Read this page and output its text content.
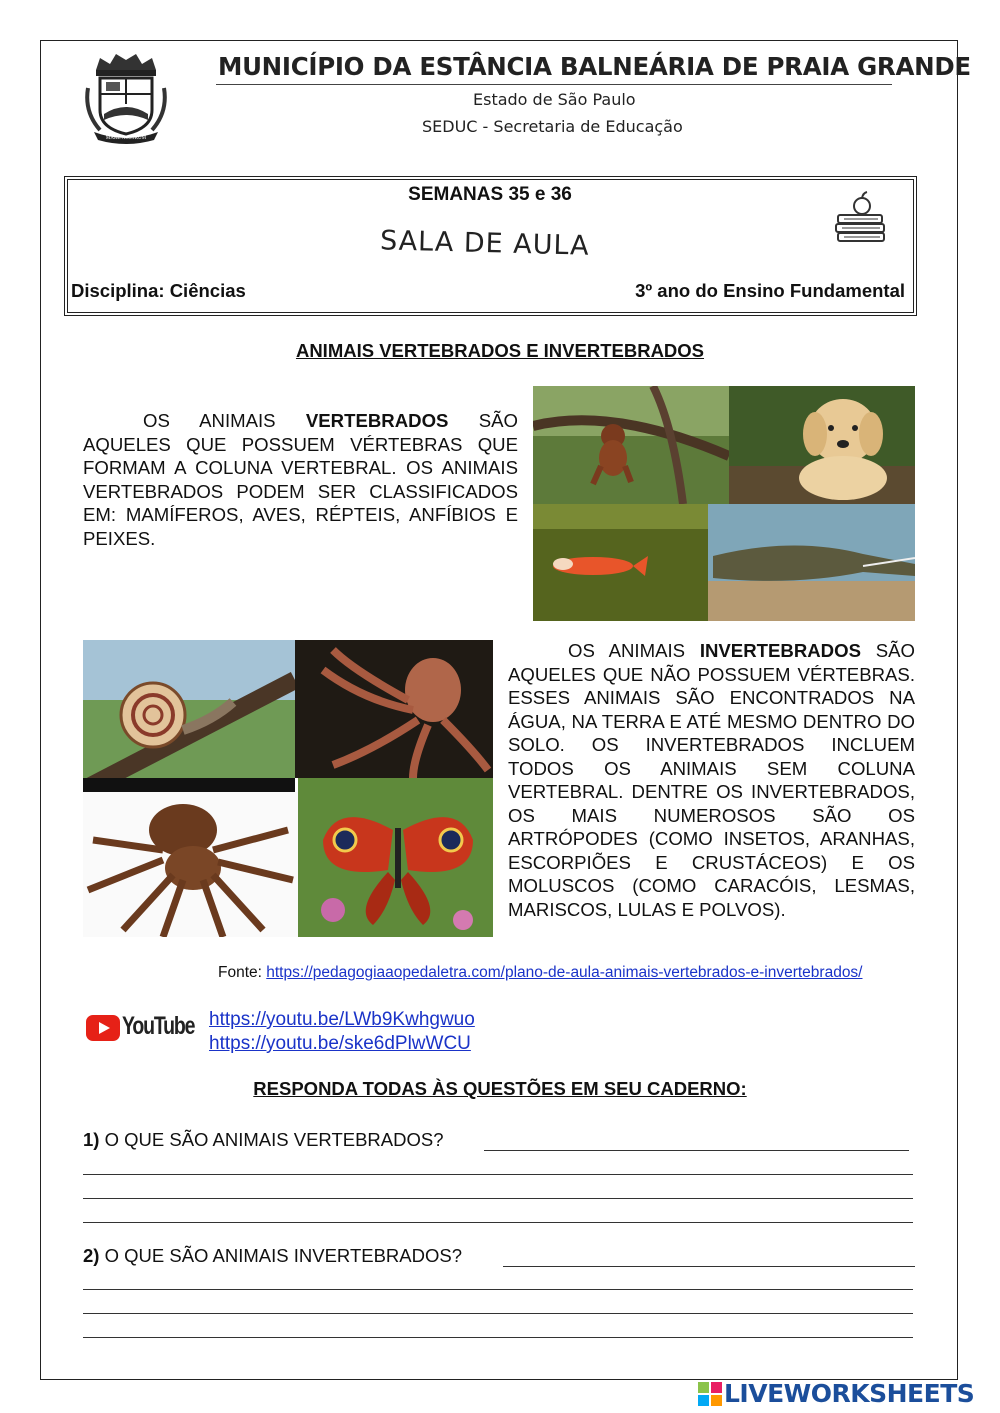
MARE NOSTRUM
MUNICÍPIO DA ESTÂNCIA BALNEÁRIA DE PRAIA GRANDE
Estado de São Paulo
SEDUC - Secretaria de Educação
SEMANAS 35 e 36
SALA DE AULA
Disciplina: Ciências	3º ano do Ensino Fundamental
ANIMAIS VERTEBRADOS E INVERTEBRADOS
OS ANIMAIS VERTEBRADOS SÃO AQUELES QUE POSSUEM VÉRTEBRAS QUE FORMAM A COLUNA VERTEBRAL. OS ANIMAIS VERTEBRADOS PODEM SER CLASSIFICADOS EM: MAMÍFEROS, AVES, RÉPTEIS, ANFÍBIOS E PEIXES.
OS ANIMAIS INVERTEBRADOS SÃO AQUELES QUE NÃO POSSUEM VÉRTEBRAS. ESSES ANIMAIS SÃO ENCONTRADOS NA ÁGUA, NA TERRA E ATÉ MESMO DENTRO DO SOLO. OS INVERTEBRADOS INCLUEM TODOS OS ANIMAIS SEM COLUNA VERTEBRAL. DENTRE OS INVERTEBRADOS, OS MAIS NUMEROSOS SÃO OS ARTRÓPODES (COMO INSETOS, ARANHAS, ESCORPIÕES E CRUSTÁCEOS) E OS MOLUSCOS (COMO CARACÓIS, LESMAS, MARISCOS, LULAS E POLVOS).
Fonte: https://pedagogiaaopedaletra.com/plano-de-aula-animais-vertebrados-e-invertebrados/
YouTube https://youtu.be/LWb9Kwhgwuo
https://youtu.be/ske6dPlwWCU
RESPONDA TODAS ÀS QUESTÕES EM SEU CADERNO:
1) O QUE SÃO ANIMAIS VERTEBRADOS?
2) O QUE SÃO ANIMAIS INVERTEBRADOS?
LIVEWORKSHEETS
